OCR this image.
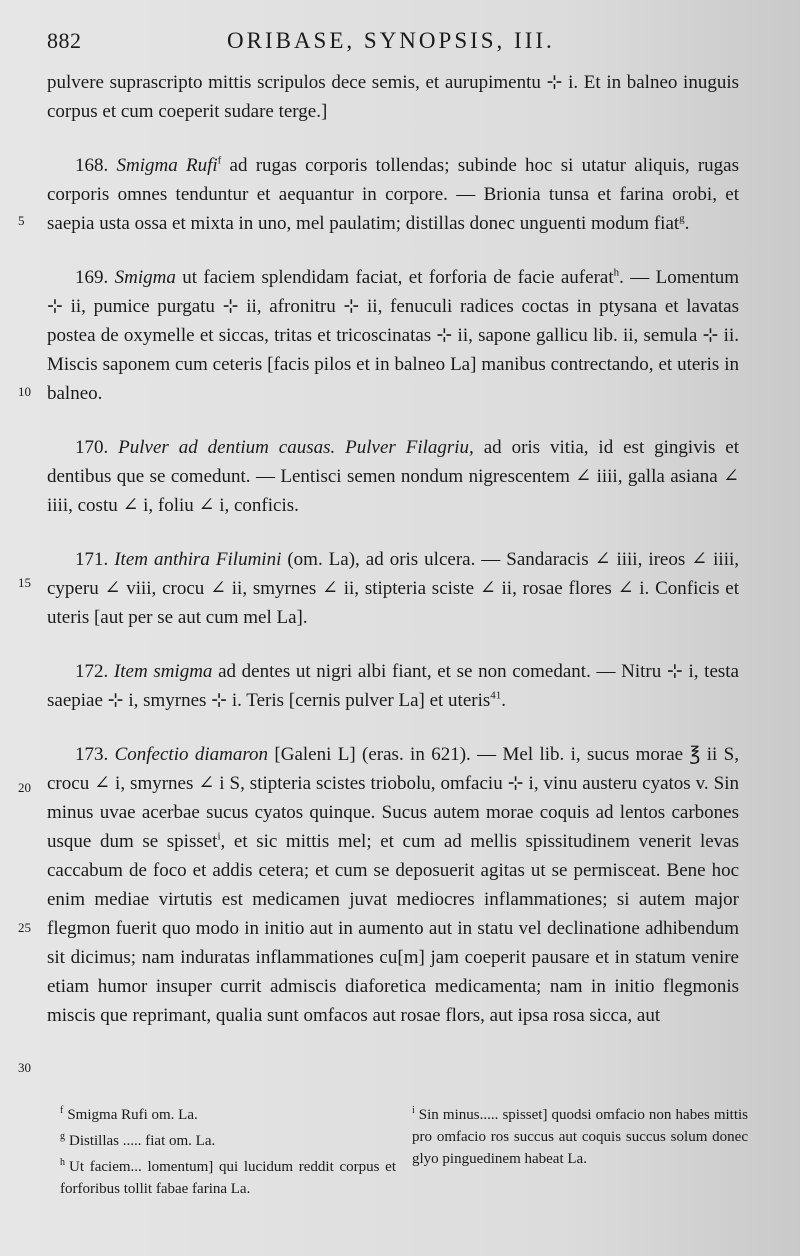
882	ORIBASE, SYNOPSIS, III.
5
10
15
20
25
30

pulvere suprascripto mittis scripulos dece semis, et aurupimentu ⊹ i. Et in balneo inuguis corpus et cum coeperit sudare terge.]

168. Smigma Rufi$^f$ ad rugas corporis tollendas; subinde hoc si utatur aliquis, rugas corporis omnes tenduntur et aequantur in corpore. — Brionia tunsa et farina orobi, et saepia usta ossa et mixta in uno, mel paulatim; distillas donec unguenti modum fiat$^g$.

169. Smigma ut faciem splendidam faciat, et forforia de facie auferat$^h$. — Lomentum ⊹ ii, pumice purgatu ⊹ ii, afronitru ⊹ ii, fenuculi radices coctas in ptysana et lavatas postea de oxymelle et siccas, tritas et tricoscinatas ⊹ ii, sapone gallicu lib. ii, semula ⊹ ii. Miscis saponem cum ceteris [facis pilos et in balneo La] manibus contrectando, et uteris in balneo.

170. Pulver ad dentium causas. Pulver Filagriu, ad oris vitia, id est gingivis et dentibus que se comedunt. — Lentisci semen nondum nigrescentem ∠ iiii, galla asiana ∠ iiii, costu ∠ i, foliu ∠ i, conficis.

171. Item anthira Filumini (om. La), ad oris ulcera. — Sandaracis ∠ iiii, ireos ∠ iiii, cyperu ∠ viii, crocu ∠ ii, smyrnes ∠ ii, stipteria sciste ∠ ii, rosae flores ∠ i. Conficis et uteris [aut per se aut cum mel La].

172. Item smigma ad dentes ut nigri albi fiant, et se non comedant. — Nitru ⊹ i, testa saepiae ⊹ i, smyrnes ⊹ i. Teris [cernis pulver La] et uteris$^{41}$.

173. Confectio diamaron [Galeni L] (eras. in 621). — Mel lib. i, sucus morae ℥ ii S, crocu ∠ i, smyrnes ∠ i S, stipteria scistes triobolu, omfaciu ⊹ i, vinu austeru cyatos v. Sin minus uvae acerbae sucus cyatos quinque. Sucus autem morae coquis ad lentos carbones usque dum se spisset$^i$, et sic mittis mel; et cum ad mellis spissitudinem venerit levas caccabum de foco et addis cetera; et cum se deposuerit agitas ut se permisceat. Bene hoc enim mediae virtutis est medicamen juvat mediocres inflammationes; si autem major flegmon fuerit quo modo in initio aut in aumento aut in statu vel declinatione adhibendum sit dicimus; nam induratas inflammationes cu[m] jam coeperit pausare et in statum venire etiam humor insuper currit admiscis diaforetica medicamenta; nam in initio flegmonis miscis que reprimant, qualia sunt omfacos aut rosae flors, aut ipsa rosa sicca, aut

$^f$ Smigma Rufi om. La.

$^g$ Distillas ..... fiat om. La.

$^h$ Ut faciem... lomentum] qui lucidum reddit corpus et forforibus tollit fabae farina La.

$^i$ Sin minus..... spisset] quodsi omfacio non habes mittis pro omfacio ros succus aut coquis succus solum donec glyo pinguedinem habeat La.
